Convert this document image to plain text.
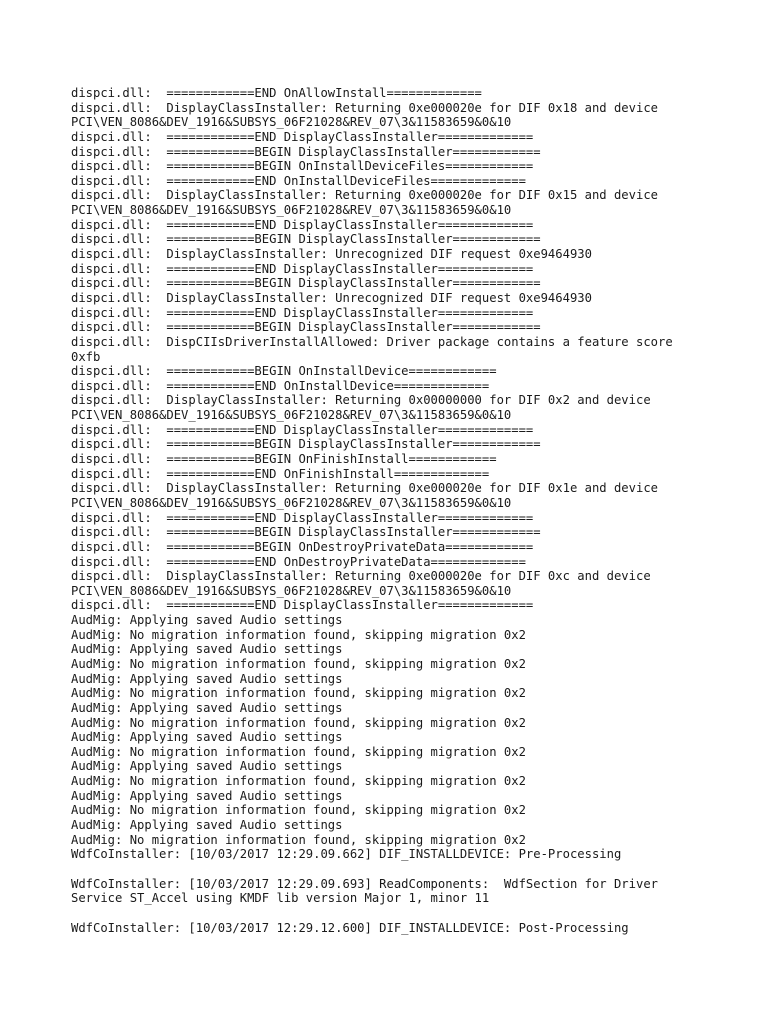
dispci.dll:  ============END OnAllowInstall=============
dispci.dll:  DisplayClassInstaller: Returning 0xe000020e for DIF 0x18 and device
PCI\VEN_8086&DEV_1916&SUBSYS_06F21028&REV_07\3&11583659&0&10
dispci.dll:  ============END DisplayClassInstaller=============
dispci.dll:  ============BEGIN DisplayClassInstaller============
dispci.dll:  ============BEGIN OnInstallDeviceFiles============
dispci.dll:  ============END OnInstallDeviceFiles=============
dispci.dll:  DisplayClassInstaller: Returning 0xe000020e for DIF 0x15 and device
PCI\VEN_8086&DEV_1916&SUBSYS_06F21028&REV_07\3&11583659&0&10
dispci.dll:  ============END DisplayClassInstaller=============
dispci.dll:  ============BEGIN DisplayClassInstaller============
dispci.dll:  DisplayClassInstaller: Unrecognized DIF request 0xe9464930
dispci.dll:  ============END DisplayClassInstaller=============
dispci.dll:  ============BEGIN DisplayClassInstaller============
dispci.dll:  DisplayClassInstaller: Unrecognized DIF request 0xe9464930
dispci.dll:  ============END DisplayClassInstaller=============
dispci.dll:  ============BEGIN DisplayClassInstaller============
dispci.dll:  DispCIIsDriverInstallAllowed: Driver package contains a feature score
0xfb
dispci.dll:  ============BEGIN OnInstallDevice============
dispci.dll:  ============END OnInstallDevice=============
dispci.dll:  DisplayClassInstaller: Returning 0x00000000 for DIF 0x2 and device
PCI\VEN_8086&DEV_1916&SUBSYS_06F21028&REV_07\3&11583659&0&10
dispci.dll:  ============END DisplayClassInstaller=============
dispci.dll:  ============BEGIN DisplayClassInstaller============
dispci.dll:  ============BEGIN OnFinishInstall============
dispci.dll:  ============END OnFinishInstall=============
dispci.dll:  DisplayClassInstaller: Returning 0xe000020e for DIF 0x1e and device
PCI\VEN_8086&DEV_1916&SUBSYS_06F21028&REV_07\3&11583659&0&10
dispci.dll:  ============END DisplayClassInstaller=============
dispci.dll:  ============BEGIN DisplayClassInstaller============
dispci.dll:  ============BEGIN OnDestroyPrivateData============
dispci.dll:  ============END OnDestroyPrivateData=============
dispci.dll:  DisplayClassInstaller: Returning 0xe000020e for DIF 0xc and device
PCI\VEN_8086&DEV_1916&SUBSYS_06F21028&REV_07\3&11583659&0&10
dispci.dll:  ============END DisplayClassInstaller=============
AudMig: Applying saved Audio settings
AudMig: No migration information found, skipping migration 0x2
AudMig: Applying saved Audio settings
AudMig: No migration information found, skipping migration 0x2
AudMig: Applying saved Audio settings
AudMig: No migration information found, skipping migration 0x2
AudMig: Applying saved Audio settings
AudMig: No migration information found, skipping migration 0x2
AudMig: Applying saved Audio settings
AudMig: No migration information found, skipping migration 0x2
AudMig: Applying saved Audio settings
AudMig: No migration information found, skipping migration 0x2
AudMig: Applying saved Audio settings
AudMig: No migration information found, skipping migration 0x2
AudMig: Applying saved Audio settings
AudMig: No migration information found, skipping migration 0x2
WdfCoInstaller: [10/03/2017 12:29.09.662] DIF_INSTALLDEVICE: Pre-Processing
WdfCoInstaller: [10/03/2017 12:29.09.693] ReadComponents:  WdfSection for Driver
Service ST_Accel using KMDF lib version Major 1, minor 11
WdfCoInstaller: [10/03/2017 12:29.12.600] DIF_INSTALLDEVICE: Post-Processing
